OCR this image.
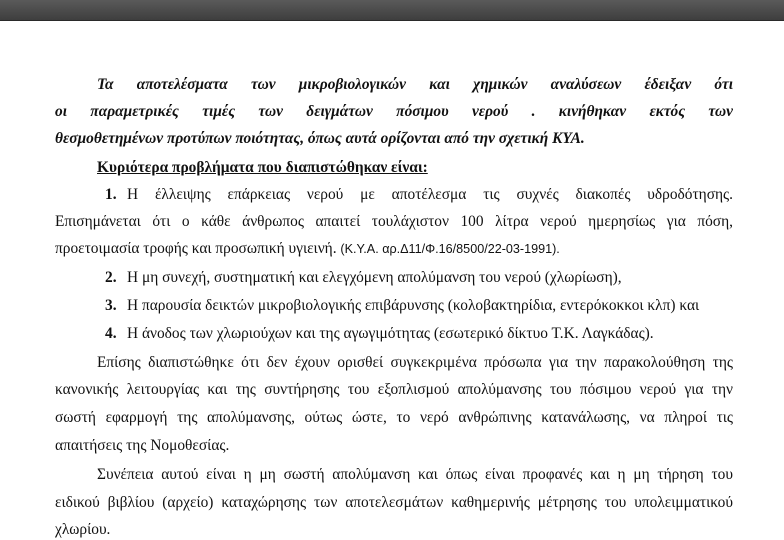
Τα αποτελέσματα των μικροβιολογικών και χημικών αναλύσεων έδειξαν ότι
οι παραμετρικές τιμές των δειγμάτων πόσιμου νερού . κινήθηκαν εκτός των
θεσμοθετημένων προτύπων ποιότητας, όπως αυτά ορίζονται από την σχετική ΚΥΑ.
Κυριότερα προβλήματα που διαπιστώθηκαν είναι:
1. Η έλλειψης επάρκειας νερού με αποτέλεσμα τις συχνές διακοπές υδροδότησης.
Επισημάνεται ότι ο κάθε άνθρωπος απαιτεί τουλάχιστον 100 λίτρα νερού ημερησίως για πόση,
προετοιμασία τροφής και προσωπική υγιεινή. (Κ.Υ.Α. αρ.Δ11/Φ.16/8500/22-03-1991).
2. Η μη συνεχή, συστηματική και ελεγχόμενη απολύμανση του νερού (χλωρίωση),
3. Η παρουσία δεικτών μικροβιολογικής επιβάρυνσης (κολοβακτηρίδια, εντερόκοκκοι κλπ) και
4. Η άνοδος των χλωριούχων και της αγωγιμότητας (εσωτερικό δίκτυο Τ.Κ. Λαγκάδας).
Επίσης διαπιστώθηκε ότι δεν έχουν ορισθεί συγκεκριμένα πρόσωπα για την παρακολούθηση της
κανονικής λειτουργίας και της συντήρησης του εξοπλισμού απολύμανσης του πόσιμου νερού για την
σωστή εφαρμογή της απολύμανσης, ούτως ώστε, το νερό ανθρώπινης κατανάλωσης, να πληροί τις
απαιτήσεις της Νομοθεσίας.
Συνέπεια αυτού είναι η μη σωστή απολύμανση και όπως είναι προφανές και η μη τήρηση του
ειδικού βιβλίου (αρχείο) καταχώρησης των αποτελεσμάτων καθημερινής μέτρησης του υπολειμματικού
χλωρίου.
